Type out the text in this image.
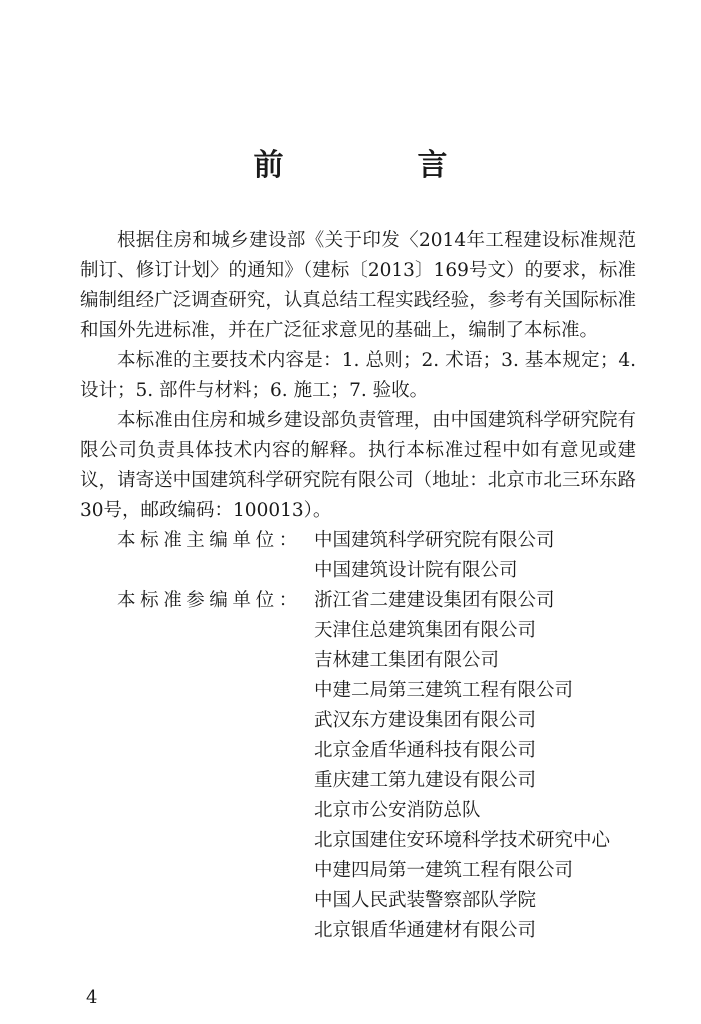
前　言

根据住房和城乡建设部《关于印发〈2014年工程建设标准规范制订、修订计划〉的通知》（建标〔2013〕169号文）的要求，标准编制组经广泛调查研究，认真总结工程实践经验，参考有关国际标准和国外先进标准，并在广泛征求意见的基础上，编制了本标准。

本标准的主要技术内容是：1. 总则；2. 术语；3. 基本规定；4. 设计；5. 部件与材料；6. 施工；7. 验收。

本标准由住房和城乡建设部负责管理，由中国建筑科学研究院有限公司负责具体技术内容的解释。执行本标准过程中如有意见或建议，请寄送中国建筑科学研究院有限公司（地址：北京市北三环东路30号，邮政编码：100013）。

本标准主编单位： 中国建筑科学研究院有限公司
中国建筑设计院有限公司
本标准参编单位： 浙江省二建建设集团有限公司
天津住总建筑集团有限公司
吉林建工集团有限公司
中建二局第三建筑工程有限公司
武汉东方建设集团有限公司
北京金盾华通科技有限公司
重庆建工第九建设有限公司
北京市公安消防总队
北京国建住安环境科学技术研究中心
中建四局第一建筑工程有限公司
中国人民武装警察部队学院
北京银盾华通建材有限公司
4
